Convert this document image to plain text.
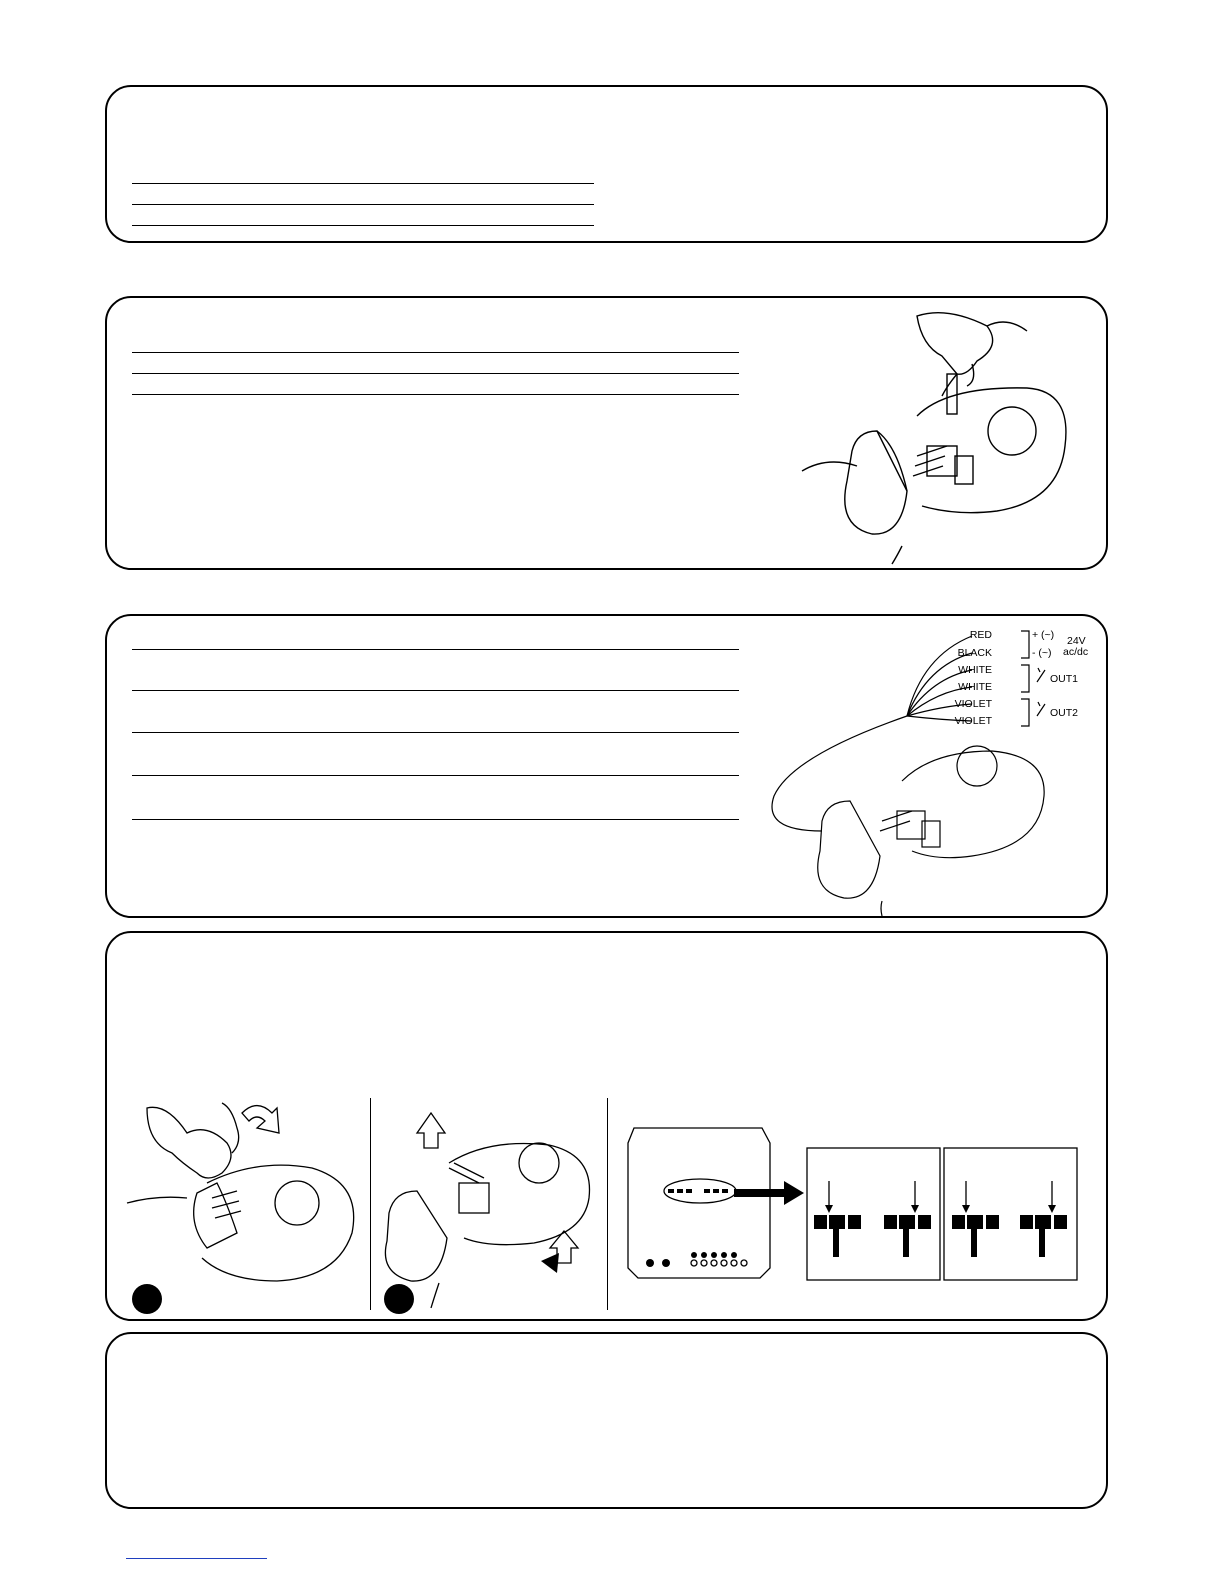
RED
BLACK
WHITE
WHITE
VIOLET
VIOLET
+ (~)
- (~)
24V
ac/dc
OUT1
OUT2
